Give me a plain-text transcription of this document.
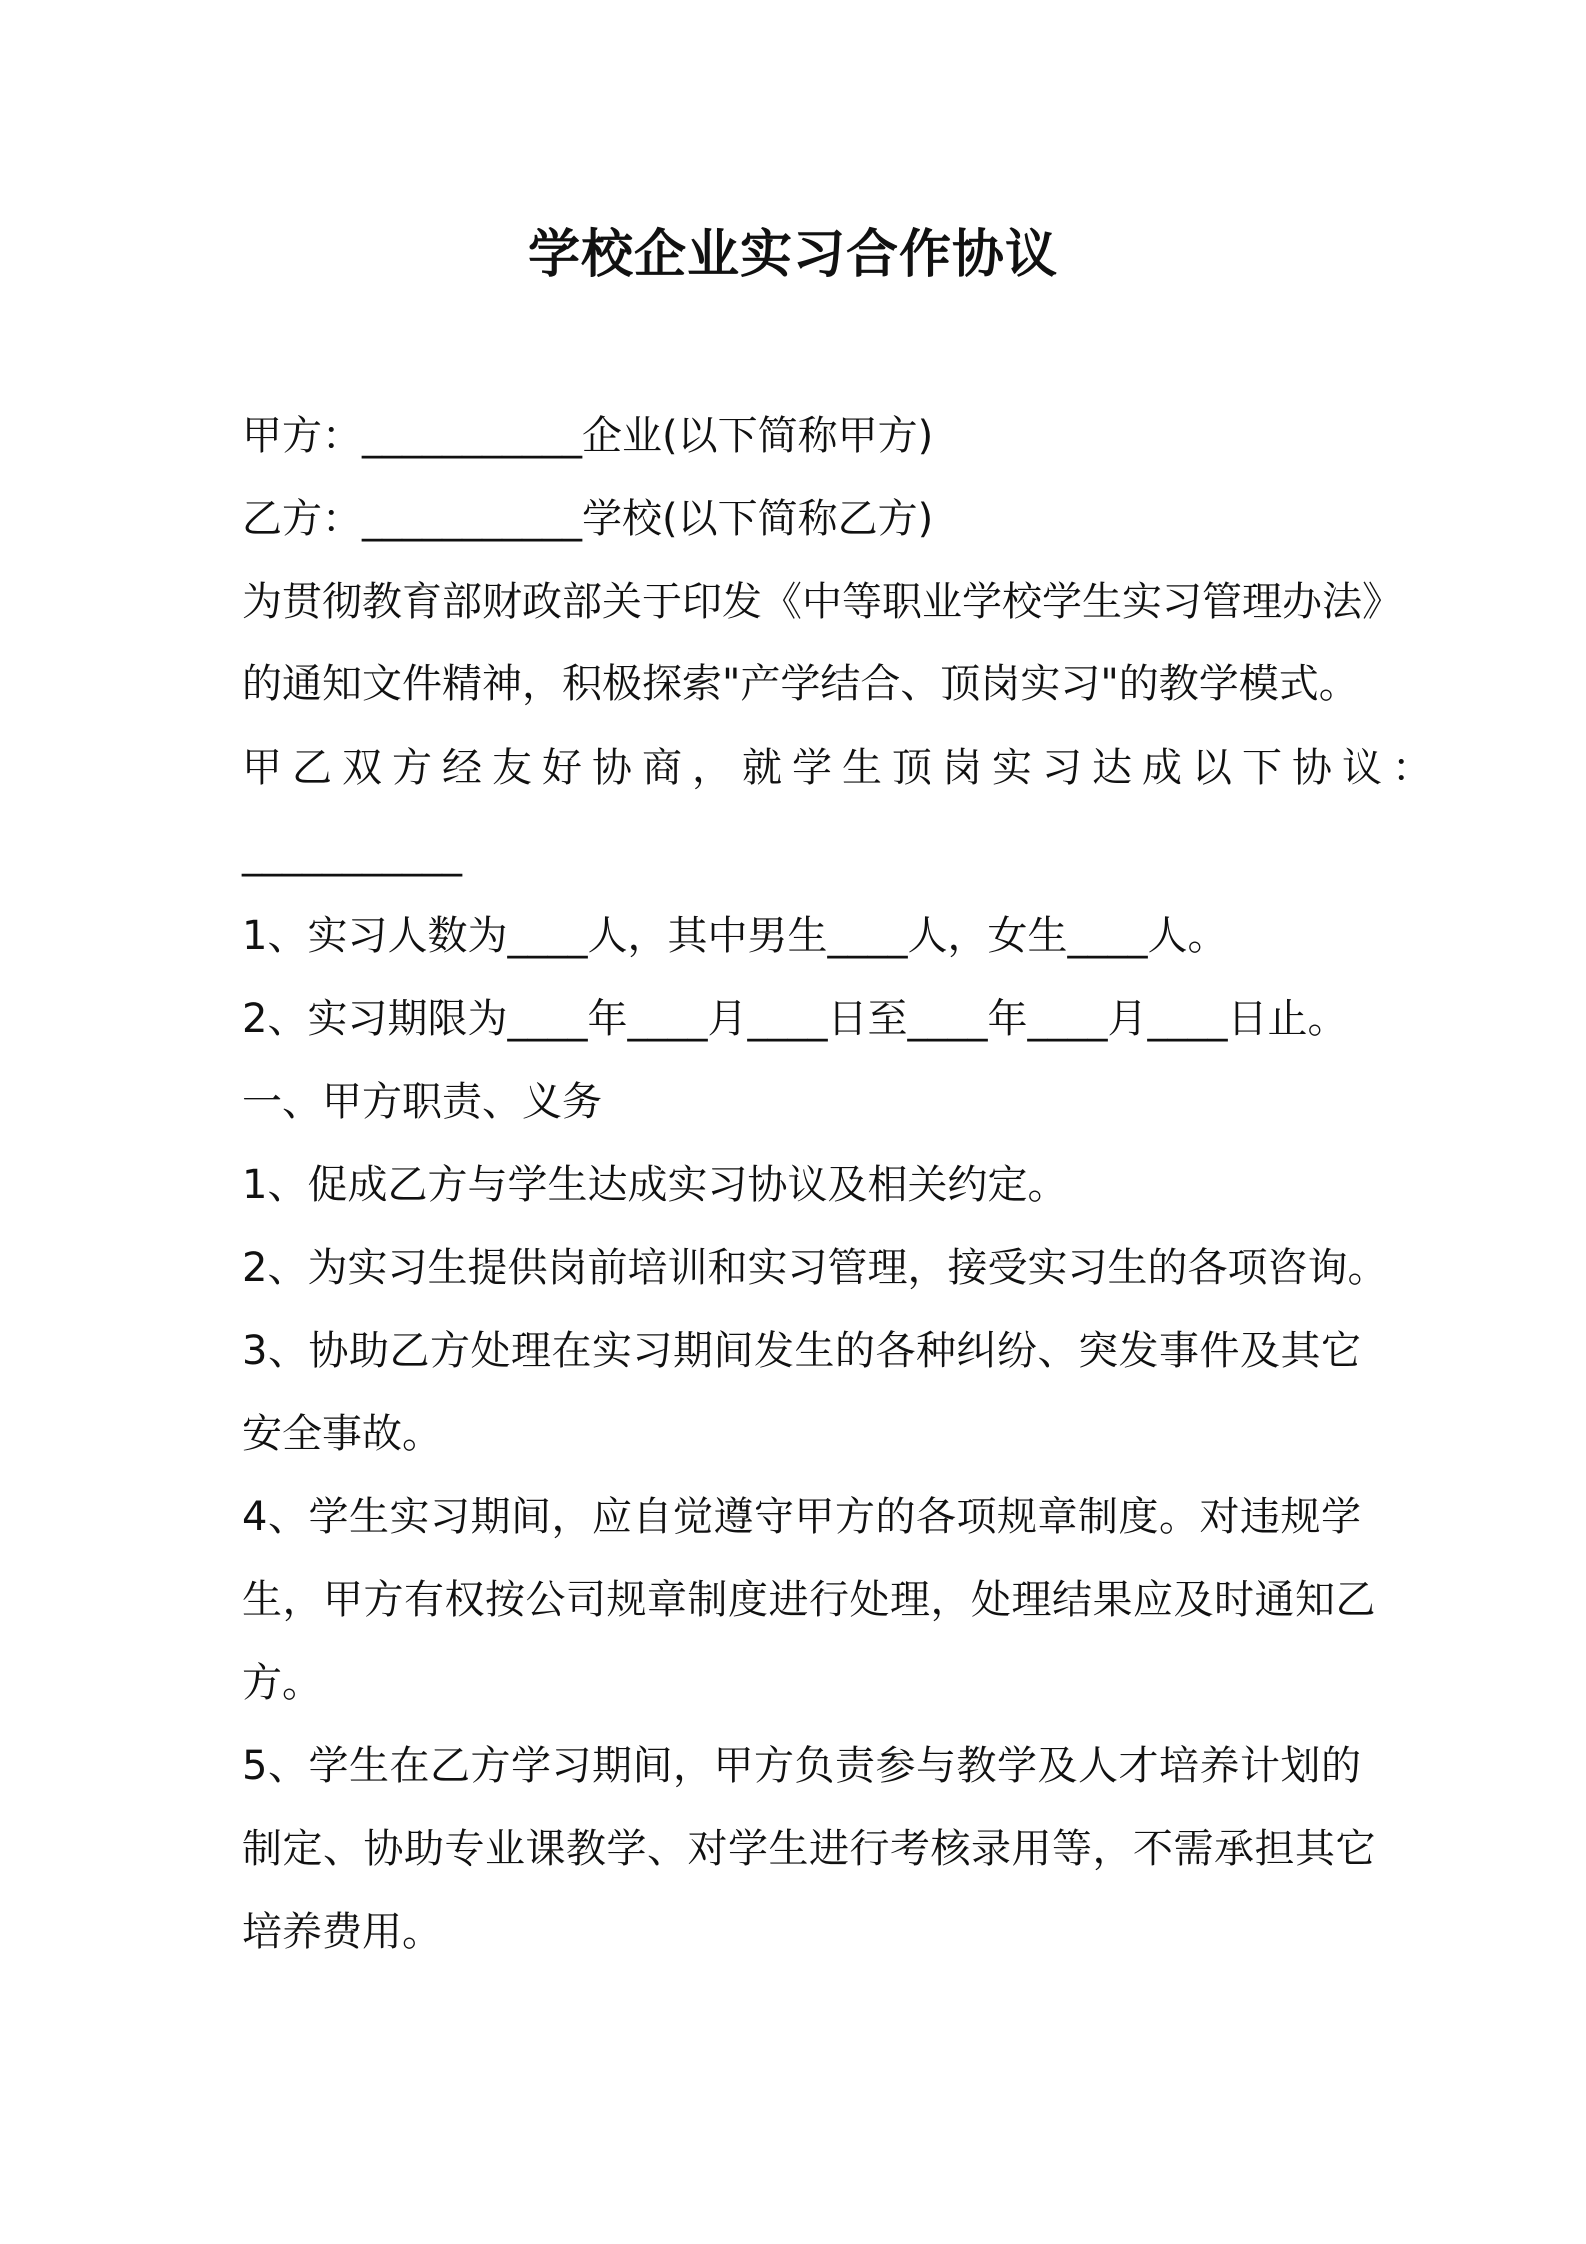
学校企业实习合作协议
甲方：___________企业(以下简称甲方)
乙方：___________学校(以下简称乙方)
为贯彻教育部财政部关于印发《中等职业学校学生实习管理办法》
的通知文件精神，积极探索"产学结合、顶岗实习"的教学模式。
甲乙双方经友好协商，就学生顶岗实习达成以下协议：
___________
1、实习人数为____人，其中男生____人，女生____人。
2、实习期限为____年____月____日至____年____月____日止。
一、甲方职责、义务
1、促成乙方与学生达成实习协议及相关约定。
2、为实习生提供岗前培训和实习管理，接受实习生的各项咨询。
3、协助乙方处理在实习期间发生的各种纠纷、突发事件及其它
安全事故。
4、学生实习期间，应自觉遵守甲方的各项规章制度。对违规学
生，甲方有权按公司规章制度进行处理，处理结果应及时通知乙
方。
5、学生在乙方学习期间，甲方负责参与教学及人才培养计划的
制定、协助专业课教学、对学生进行考核录用等，不需承担其它
培养费用。
